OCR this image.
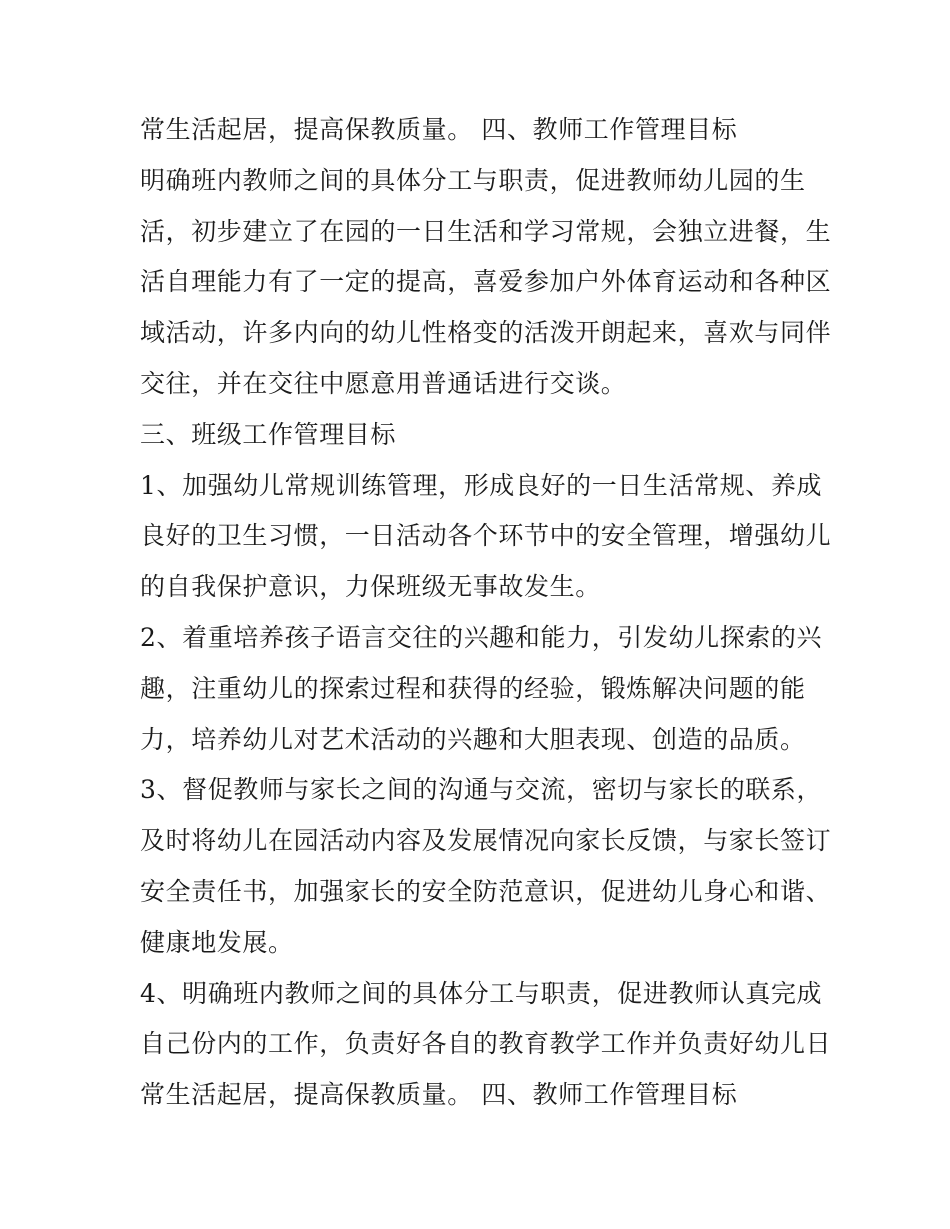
常生活起居，提高保教质量。 四、教师工作管理目标
明确班内教师之间的具体分工与职责，促进教师幼儿园的生
活，初步建立了在园的一日生活和学习常规，会独立进餐，生
活自理能力有了一定的提高，喜爱参加户外体育运动和各种区
域活动，许多内向的幼儿性格变的活泼开朗起来，喜欢与同伴
交往，并在交往中愿意用普通话进行交谈。
三、班级工作管理目标
1、加强幼儿常规训练管理，形成良好的一日生活常规、养成
良好的卫生习惯，一日活动各个环节中的安全管理，增强幼儿
的自我保护意识，力保班级无事故发生。
2、着重培养孩子语言交往的兴趣和能力，引发幼儿探索的兴
趣，注重幼儿的探索过程和获得的经验，锻炼解决问题的能
力，培养幼儿对艺术活动的兴趣和大胆表现、创造的品质。
3、督促教师与家长之间的沟通与交流，密切与家长的联系，
及时将幼儿在园活动内容及发展情况向家长反馈，与家长签订
安全责任书，加强家长的安全防范意识，促进幼儿身心和谐、
健康地发展。
4、明确班内教师之间的具体分工与职责，促进教师认真完成
自己份内的工作，负责好各自的教育教学工作并负责好幼儿日
常生活起居，提高保教质量。 四、教师工作管理目标
